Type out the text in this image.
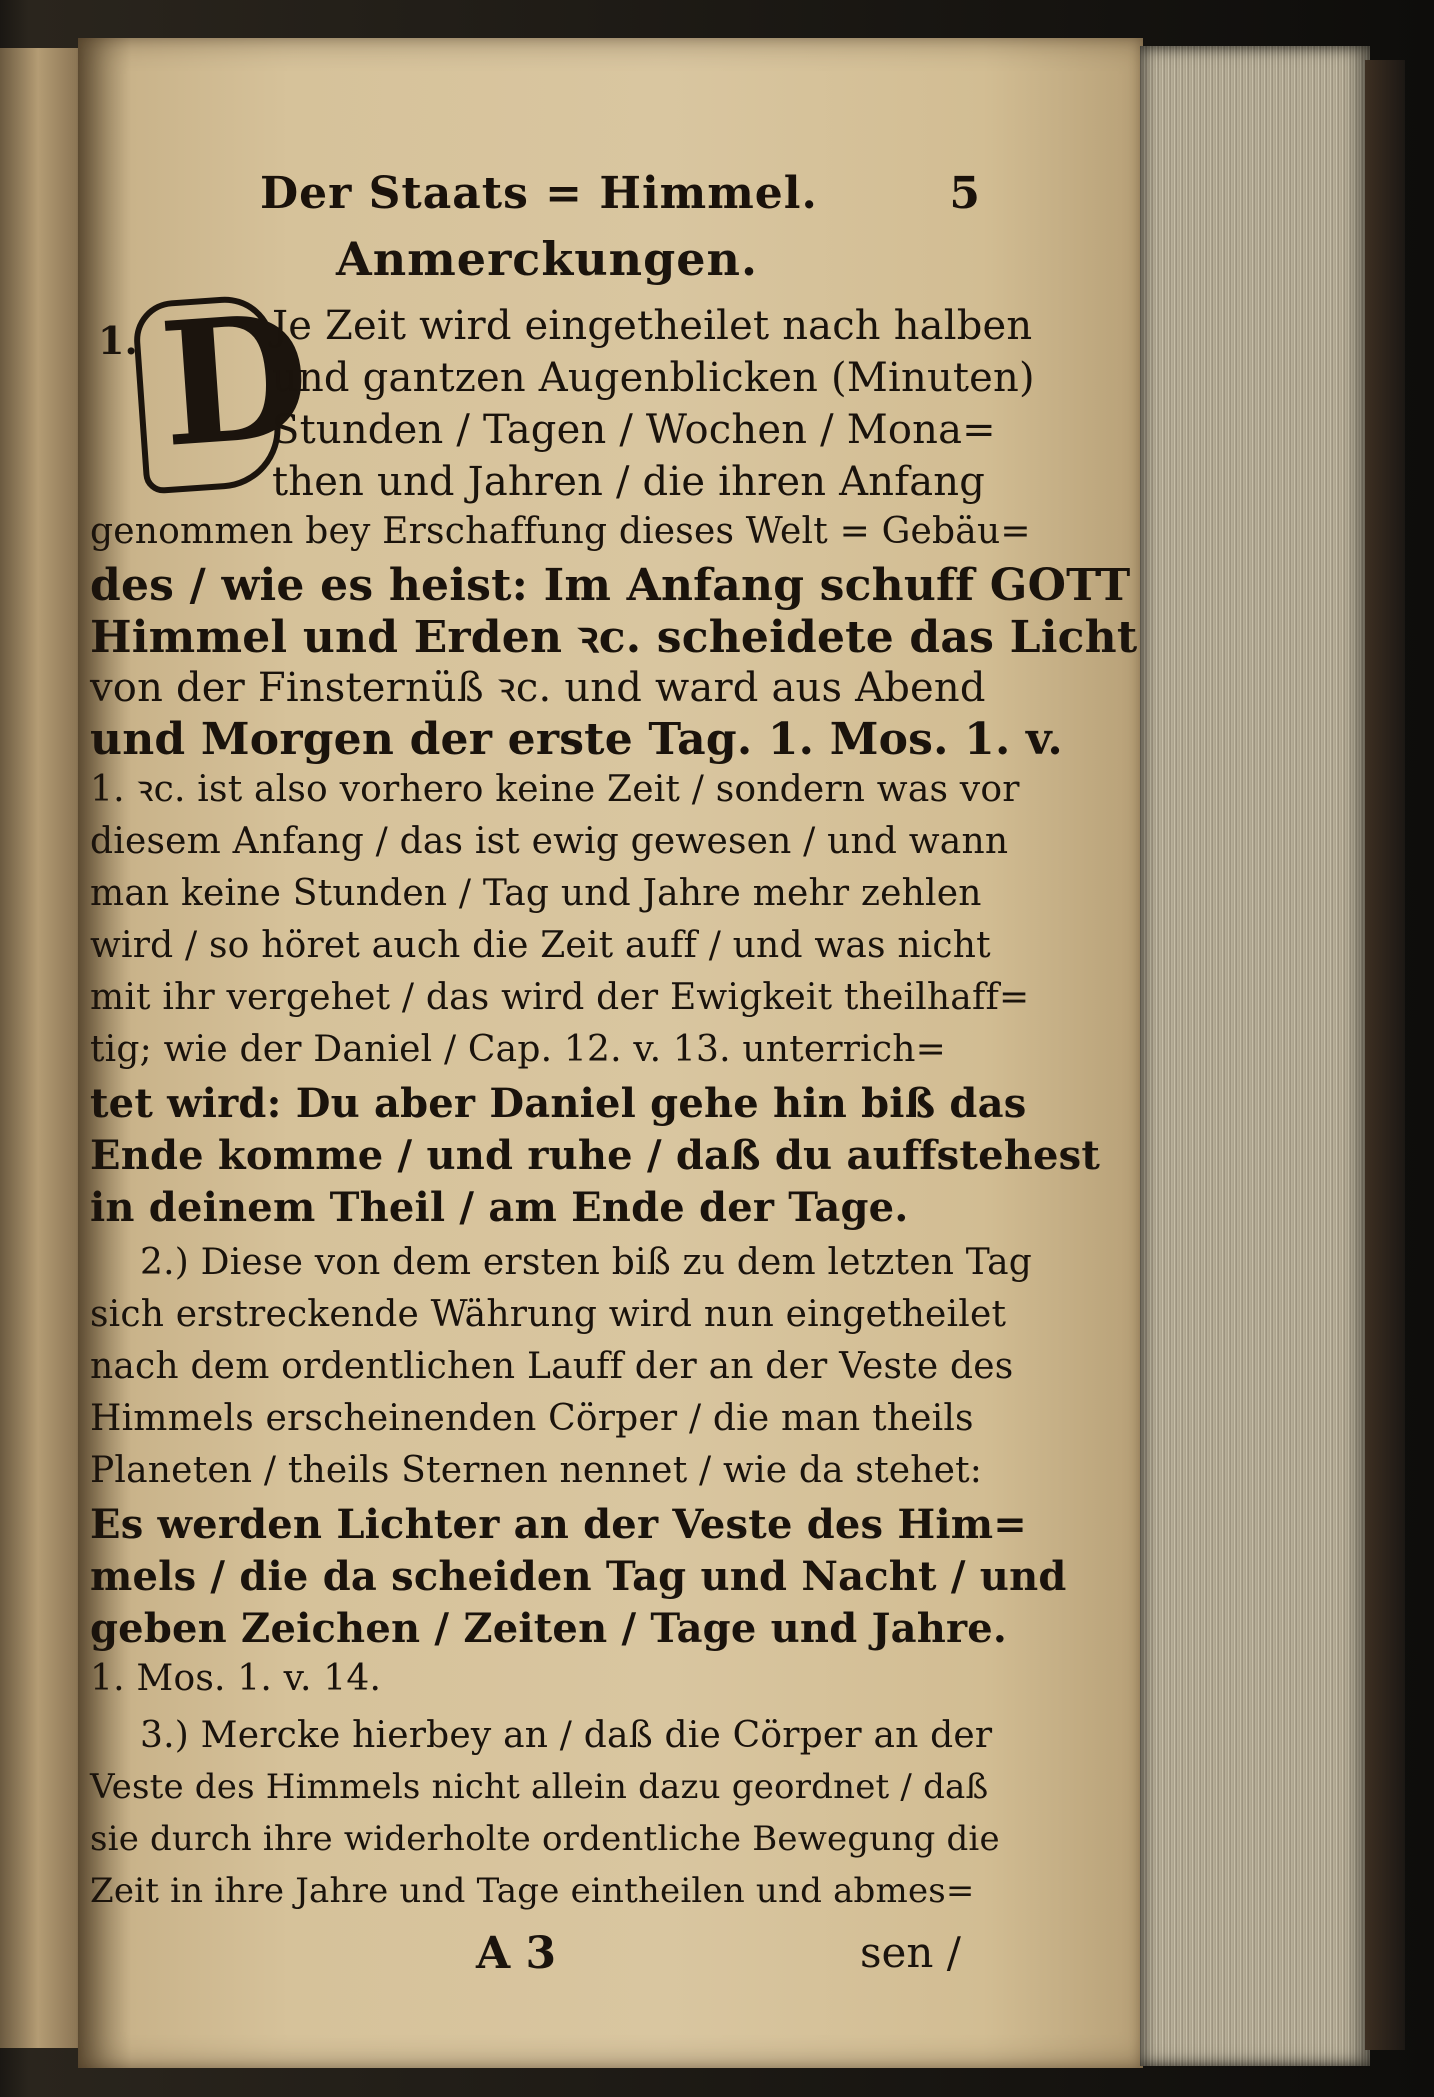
Der Staats = Himmel.	5
Anmerckungen.
1. D
Je Zeit wird eingetheilet nach halben
und gantzen Augenblicken (Minuten)
Stunden / Tagen / Wochen / Mona=
then und Jahren / die ihren Anfang
genommen bey Erschaffung dieses Welt = Gebäu=
des / wie es heist: Im Anfang schuff GOTT
Himmel und Erden ꝛc. scheidete das Licht
von der Finsternüß ꝛc. und ward aus Abend
und Morgen der erste Tag. 1. Mos. 1. v.
1. ꝛc. ist also vorhero keine Zeit / sondern was vor
diesem Anfang / das ist ewig gewesen / und wann
man keine Stunden / Tag und Jahre mehr zehlen
wird / so höret auch die Zeit auff / und was nicht
mit ihr vergehet / das wird der Ewigkeit theilhaff=
tig; wie der Daniel / Cap. 12. v. 13. unterrich=
tet wird: Du aber Daniel gehe hin biß das
Ende komme / und ruhe / daß du auffstehest
in deinem Theil / am Ende der Tage.
2.) Diese von dem ersten biß zu dem letzten Tag
sich erstreckende Währung wird nun eingetheilet
nach dem ordentlichen Lauff der an der Veste des
Himmels erscheinenden Cörper / die man theils
Planeten / theils Sternen nennet / wie da stehet:
Es werden Lichter an der Veste des Him=
mels / die da scheiden Tag und Nacht / und
geben Zeichen / Zeiten / Tage und Jahre.
1. Mos. 1. v. 14.
3.) Mercke hierbey an / daß die Cörper an der
Veste des Himmels nicht allein dazu geordnet / daß
sie durch ihre widerholte ordentliche Bewegung die
Zeit in ihre Jahre und Tage eintheilen und abmes=
A 3	sen /
